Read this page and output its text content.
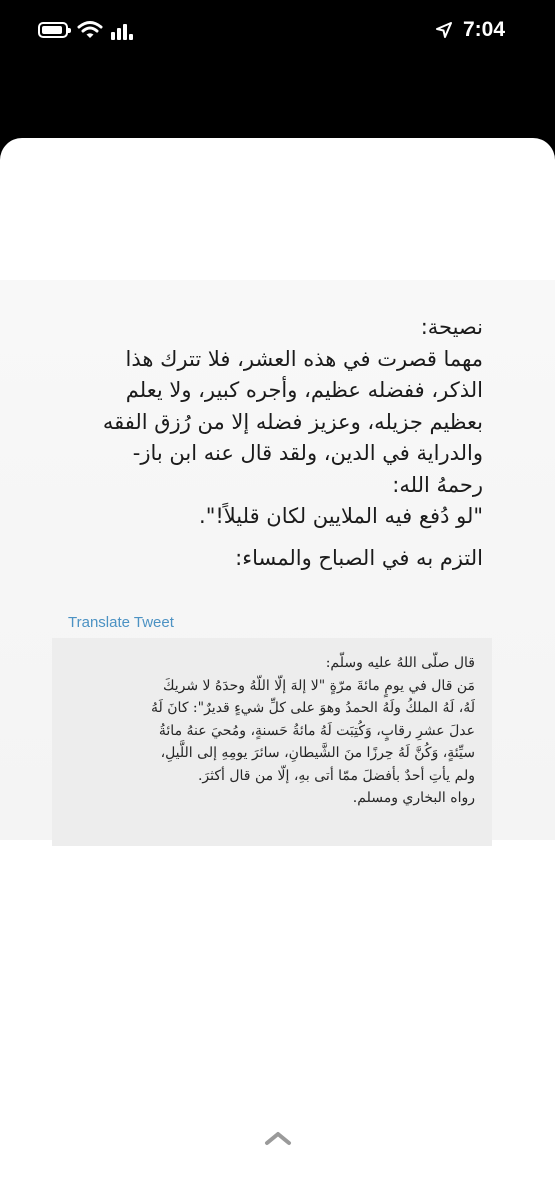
7:04
نصيحة:
مهما قصرت في هذه العشر، فلا تترك هذا
الذكر، ففضله عظيم، وأجره كبير، ولا يعلم
بعظيم جزيله، وعزيز فضله إلا من رُزق الفقه
والدراية في الدين، ولقد قال عنه ابن باز-
رحمهُ الله:
"لو دُفع فيه الملايين لكان قليلاً!".
التزم به في الصباح والمساء:
Translate Tweet
قال صلّى اللهُ عليه وسلّم:
مَن قال في يومٍ مائةَ مرّةٍ "لا إلهَ إلّا اللّهُ وحدَهُ لا شريكَ
لَهُ، لَهُ الملكُ ولَهُ الحمدُ وهوَ على كلِّ شيءٍ قديرٌ": كانَ لَهُ
عدلَ عشرِ رقابٍ، وَكُتِبَت لَهُ مائةُ حَسنةٍ، ومُحيَ عنهُ مائةُ
سيِّئةٍ، وَكُنَّ لَهُ حِرزًا منَ الشَّيطانِ، سائرَ يومِهِ إلى اللَّيلِ،
ولم يأتِ أحدٌ بأفضلَ ممّا أتى بهِ، إلّا من قال أكثرَ.
رواه البخاري ومسلم.
